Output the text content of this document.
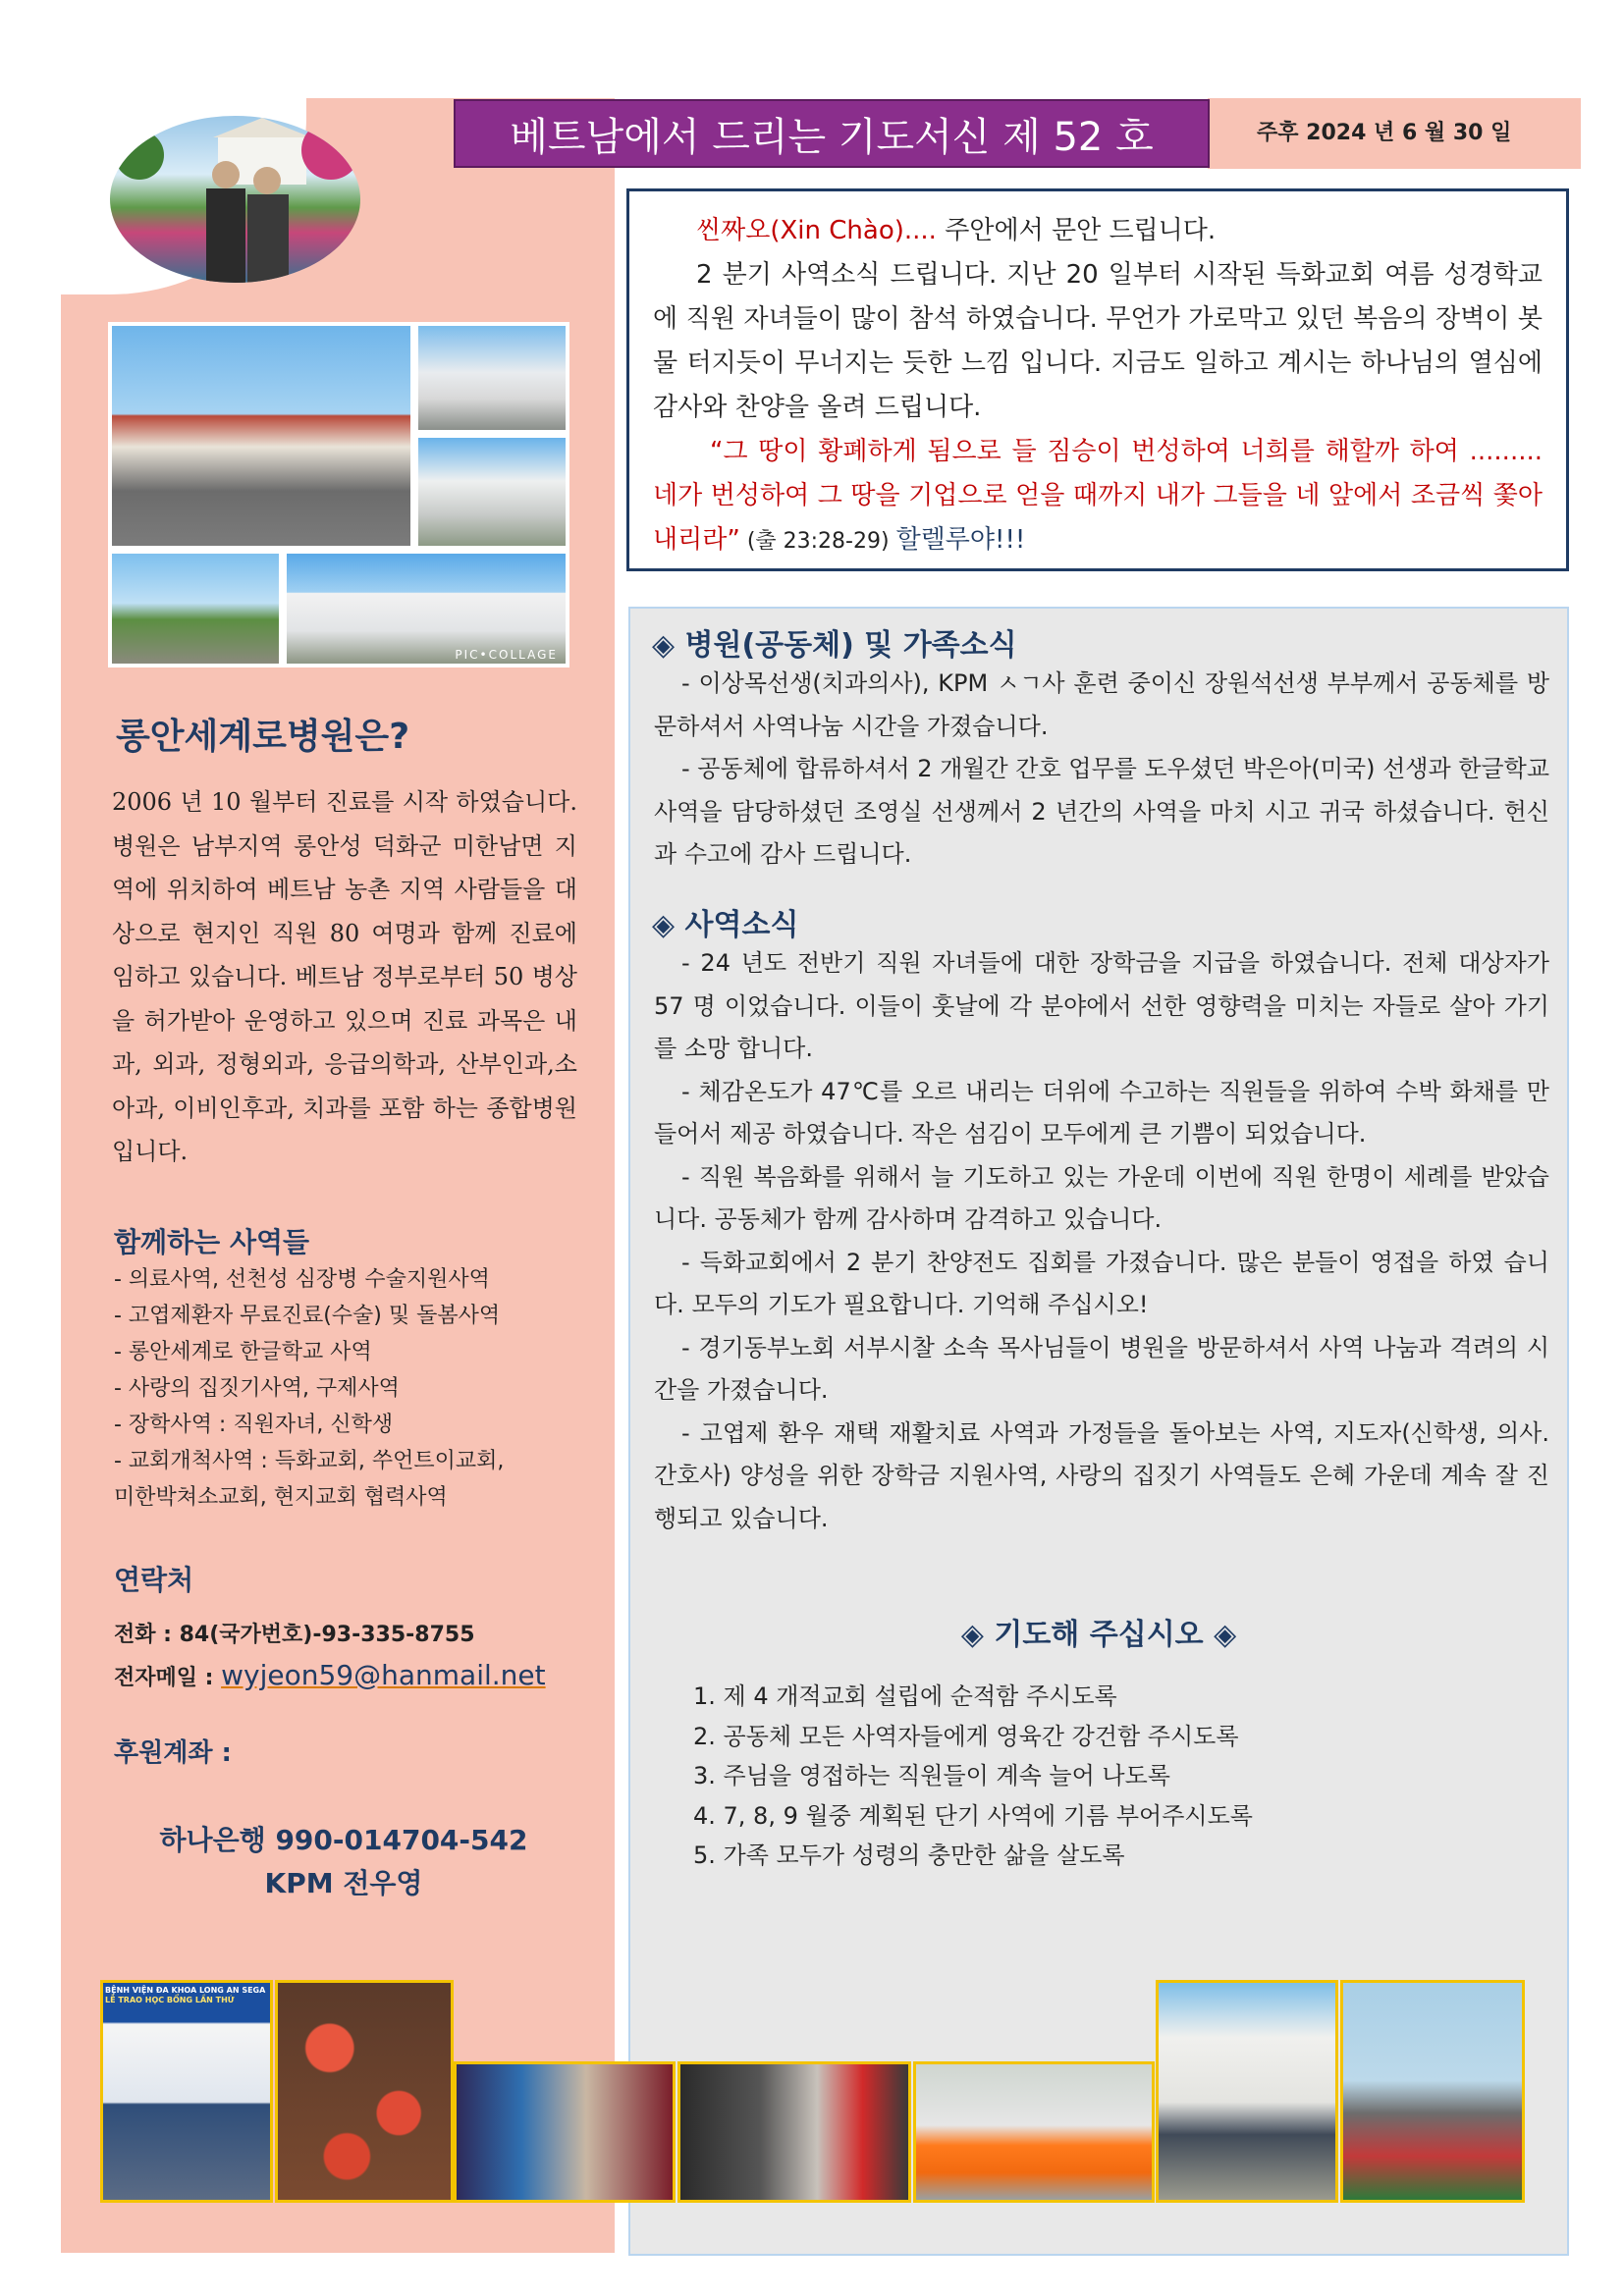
베트남에서 드리는 기도서신 제 52 호	주후 2024 년 6 월 30 일
PIC•COLLAGE

씬짜오(Xin Chào).... 주안에서 문안 드립니다.

2 분기 사역소식 드립니다. 지난 20 일부터 시작된 득화교회 여름 성경학교에 직원 자녀들이 많이 참석 하였습니다. 무언가 가로막고 있던 복음의 장벽이 봇물 터지듯이 무너지는 듯한 느낌 입니다. 지금도 일하고 계시는 하나님의 열심에 감사와 찬양을 올려 드립니다.

“그 땅이 황폐하게 됨으로 들 짐승이 번성하여 너희를 해할까 하여 .........네가 번성하여 그 땅을 기업으로 얻을 때까지 내가 그들을 네 앞에서 조금씩 쫓아 내리라” (출 23:28-29) 할렐루야!!!

롱안세계로병원은?
2006 년 10 월부터 진료를 시작 하였습니다. 병원은 남부지역 롱안성 덕화군 미한남면 지역에 위치하여 베트남 농촌 지역 사람들을 대상으로 현지인 직원 80 여명과 함께 진료에 임하고 있습니다. 베트남 정부로부터 50 병상을 허가받아 운영하고 있으며 진료 과목은 내과, 외과, 정형외과, 응급의학과, 산부인과,소아과, 이비인후과, 치과를 포함 하는 종합병원 입니다.
함께하는 사역들
- 의료사역, 선천성 심장병 수술지원사역
- 고엽제환자 무료진료(수술) 및 돌봄사역
- 롱안세계로 한글학교 사역
- 사랑의 집짓기사역, 구제사역
- 장학사역 : 직원자녀, 신학생
- 교회개척사역 : 득화교회, 쑤언트이교회,
미한박쳐소교회, 현지교회 협력사역
연락처
전화 : 84(국가번호)-93-335-8755
전자메일 : wyjeon59@hanmail.net
후원계좌 :
하나은행 990-014704-542
KPM 전우영
◈ 병원(공동체) 및 가족소식

- 이상목선생(치과의사), KPM ㅅㄱ사 훈련 중이신 장원석선생 부부께서 공동체를 방문하셔서 사역나눔 시간을 가졌습니다.

- 공동체에 합류하셔서 2 개월간 간호 업무를 도우셨던 박은아(미국) 선생과 한글학교 사역을 담당하셨던 조영실 선생께서 2 년간의 사역을 마치 시고 귀국 하셨습니다. 헌신과 수고에 감사 드립니다.

◈ 사역소식

- 24 년도 전반기 직원 자녀들에 대한 장학금을 지급을 하였습니다. 전체 대상자가 57 명 이었습니다. 이들이 훗날에 각 분야에서 선한 영향력을 미치는 자들로 살아 가기를 소망 합니다.

- 체감온도가 47℃를 오르 내리는 더위에 수고하는 직원들을 위하여 수박 화채를 만들어서 제공 하였습니다. 작은 섬김이 모두에게 큰 기쁨이 되었습니다.

- 직원 복음화를 위해서 늘 기도하고 있는 가운데 이번에 직원 한명이 세례를 받았습니다. 공동체가 함께 감사하며 감격하고 있습니다.

- 득화교회에서 2 분기 찬양전도 집회를 가졌습니다. 많은 분들이 영접을 하였 습니다. 모두의 기도가 필요합니다. 기억해 주십시오!

- 경기동부노회 서부시찰 소속 목사님들이 병원을 방문하셔서 사역 나눔과 격려의 시간을 가졌습니다.

- 고엽제 환우 재택 재활치료 사역과 가정들을 돌아보는 사역, 지도자(신학생, 의사. 간호사) 양성을 위한 장학금 지원사역, 사랑의 집짓기 사역들도 은혜 가운데 계속 잘 진행되고 있습니다.

◈ 기도해 주십시오 ◈
1. 제 4 개적교회 설립에 순적함 주시도록
2. 공동체 모든 사역자들에게 영육간 강건함 주시도록
3. 주님을 영접하는 직원들이 계속 늘어 나도록
4. 7, 8, 9 월중 계획된 단기 사역에 기름 부어주시도록
5. 가족 모두가 성령의 충만한 삶을 살도록
BỆNH VIỆN ĐA KHOA LONG AN SEGA
LỄ TRAO HỌC BỔNG LẦN THỨ
